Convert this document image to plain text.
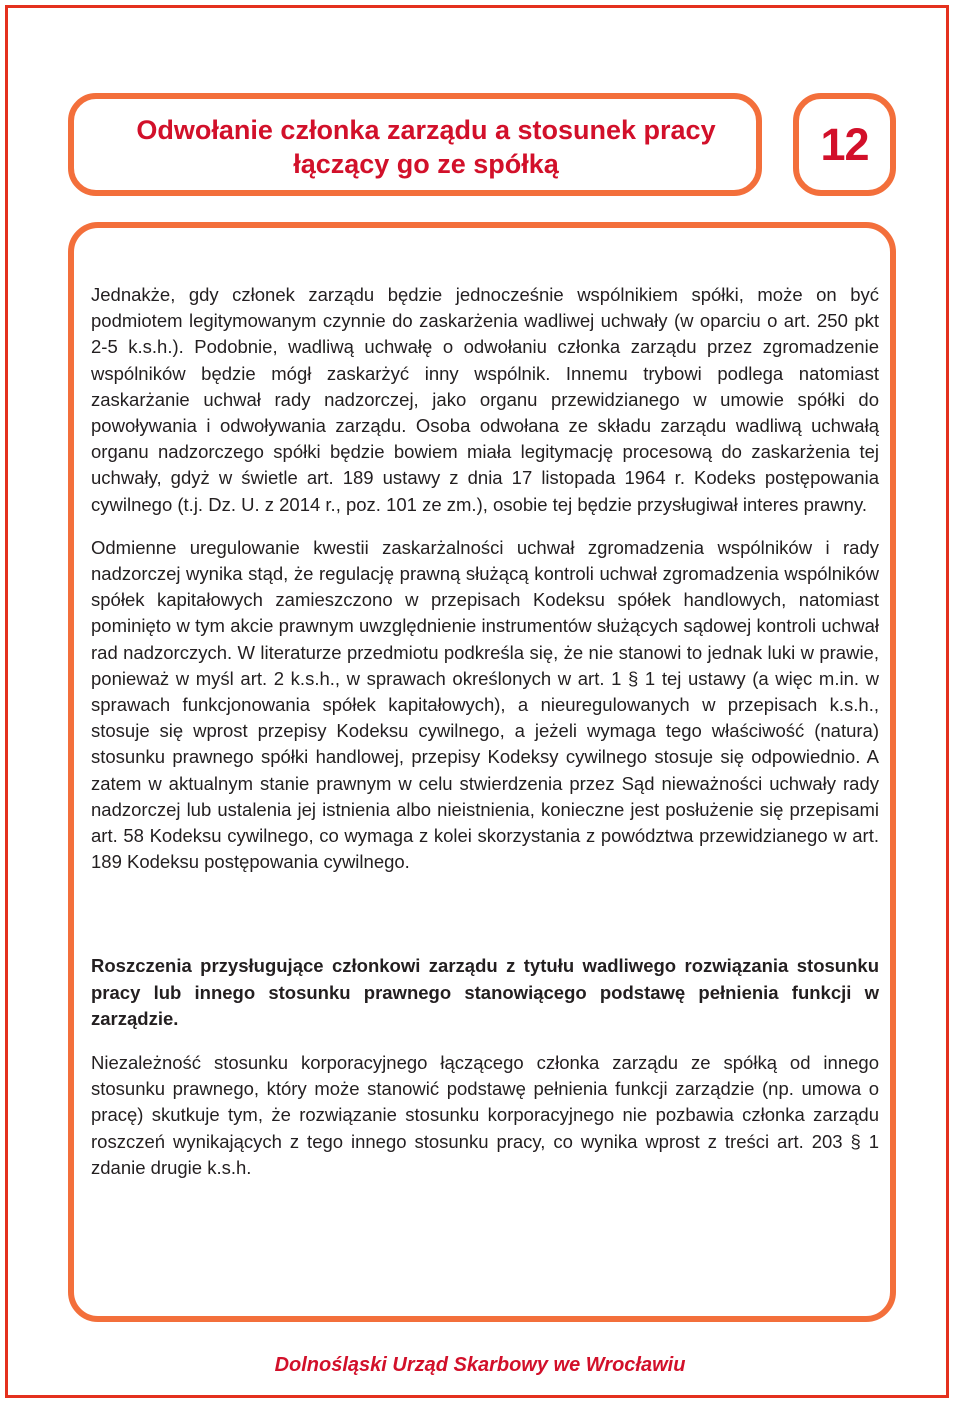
Odwołanie członka zarządu a stosunek pracy
łączący go ze spółką	12

Jednakże, gdy członek zarządu będzie jednocześnie wspólnikiem spółki, może on być podmiotem legitymowanym czynnie do zaskarżenia wadliwej uchwały (w oparciu o art. 250 pkt 2-5 k.s.h.). Podobnie, wadliwą uchwałę o odwołaniu członka zarządu przez zgromadzenie wspólników będzie mógł zaskarżyć inny wspólnik. Innemu trybowi podlega natomiast zaskarżanie uchwał rady nadzorczej, jako organu przewidzianego w umowie spółki do powoływania i odwoływania zarządu. Osoba odwołana ze składu zarządu wadliwą uchwałą organu nadzorczego spółki będzie bowiem miała legitymację procesową do zaskarżenia tej uchwały, gdyż w świetle art. 189 ustawy z dnia 17 listopada 1964 r. Kodeks postępowania cywilnego (t.j. Dz. U. z 2014 r., poz. 101 ze zm.), osobie tej będzie przysługiwał interes prawny.

Odmienne uregulowanie kwestii zaskarżalności uchwał zgromadzenia wspólników i rady nadzorczej wynika stąd, że regulację prawną służącą kontroli uchwał zgromadzenia wspólników spółek kapitałowych zamieszczono w przepisach Kodeksu spółek handlowych, natomiast pominięto w tym akcie prawnym uwzględnienie instrumentów służących sądowej kontroli uchwał rad nadzorczych. W literaturze przedmiotu podkreśla się, że nie stanowi to jednak luki w prawie, ponieważ w myśl art. 2 k.s.h., w sprawach określonych w art. 1 § 1 tej ustawy (a więc m.in. w sprawach funkcjonowania spółek kapitałowych), a nieuregulowanych w przepisach k.s.h., stosuje się wprost przepisy Kodeksu cywilnego, a jeżeli wymaga tego właściwość (natura) stosunku prawnego spółki handlowej, przepisy Kodeksy cywilnego stosuje się odpowiednio. A zatem w aktualnym stanie prawnym w celu stwierdzenia przez Sąd nieważności uchwały rady nadzorczej lub ustalenia jej istnienia albo nieistnienia, konieczne jest posłużenie się przepisami art. 58 Kodeksu cywilnego, co wymaga z kolei skorzystania z powództwa przewidzianego w art. 189 Kodeksu postępowania cywilnego.

Roszczenia przysługujące członkowi zarządu z tytułu wadliwego rozwiązania stosunku pracy lub innego stosunku prawnego stanowiącego podstawę pełnienia funkcji w zarządzie.

Niezależność stosunku korporacyjnego łączącego członka zarządu ze spółką od innego stosunku prawnego, który może stanowić podstawę pełnienia funkcji zarządzie (np. umowa o pracę) skutkuje tym, że rozwiązanie stosunku korporacyjnego nie pozbawia członka zarządu roszczeń wynikających z tego innego stosunku pracy, co wynika wprost z treści art. 203 § 1 zdanie drugie k.s.h.

Dolnośląski Urząd Skarbowy we Wrocławiu
